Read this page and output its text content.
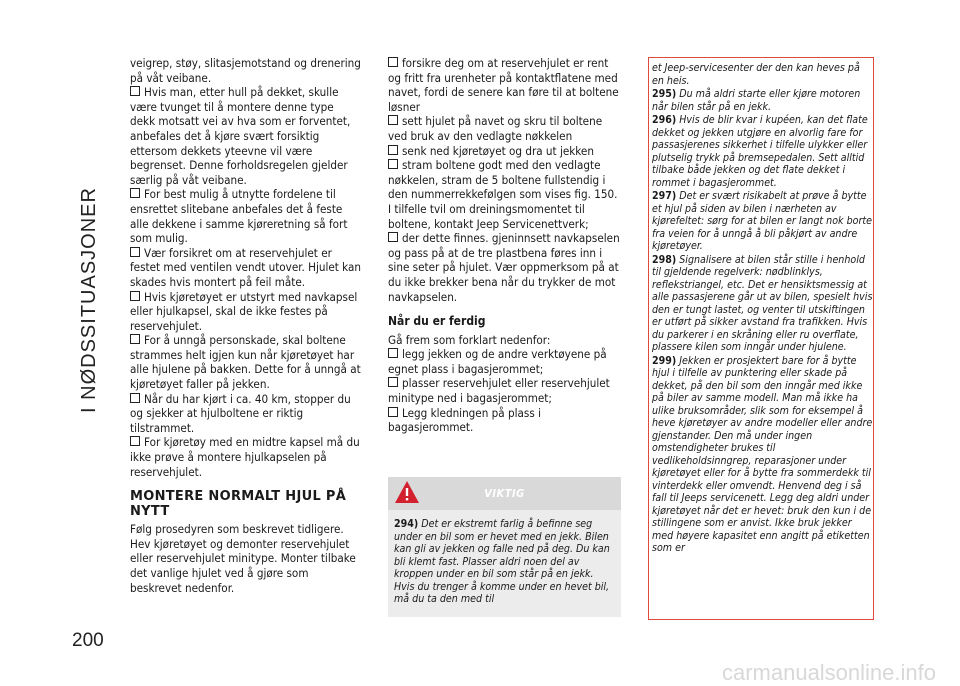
I NØDSSITUASJONER

veigrep, støy, slitasjemotstand og drenering på våt veibane.

Hvis man, etter hull på dekket, skulle være tvunget til å montere denne type dekk motsatt vei av hva som er forventet, anbefales det å kjøre svært forsiktig ettersom dekkets yteevne vil være begrenset. Denne forholdsregelen gjelder særlig på våt veibane.

For best mulig å utnytte fordelene til ensrettet slitebane anbefales det å feste alle dekkene i samme kjøreretning så fort som mulig.

Vær forsikret om at reservehjulet er festet med ventilen vendt utover. Hjulet kan skades hvis montert på feil måte.

Hvis kjøretøyet er utstyrt med navkapsel eller hjulkapsel, skal de ikke festes på reservehjulet.

For å unngå personskade, skal boltene strammes helt igjen kun når kjøretøyet har alle hjulene på bakken. Dette for å unngå at kjøretøyet faller på jekken.

Når du har kjørt i ca. 40 km, stopper du og sjekker at hjulboltene er riktig tilstrammet.

For kjøretøy med en midtre kapsel må du ikke prøve å montere hjulkapselen på reservehjulet.

MONTERE NORMALT HJUL PÅ NYTT

Følg prosedyren som beskrevet tidligere. Hev kjøretøyet og demonter reservehjulet eller reservehjulet minitype. Monter tilbake det vanlige hjulet ved å gjøre som beskrevet nedenfor.

forsikre deg om at reservehjulet er rent og fritt fra urenheter på kontaktflatene med navet, fordi de senere kan føre til at boltene løsner

sett hjulet på navet og skru til boltene ved bruk av den vedlagte nøkkelen

senk ned kjøretøyet og dra ut jekken

stram boltene godt med den vedlagte nøkkelen, stram de 5 boltene fullstendig i den nummerrekkefølgen som vises fig. 150. I tilfelle tvil om dreiningsmomentet til boltene, kontakt Jeep Servicenettverk;

der dette finnes. gjeninnsett navkapselen og pass på at de tre plastbena føres inn i sine seter på hjulet. Vær oppmerksom på at du ikke brekker bena når du trykker de mot navkapselen.

Når du er ferdig

Gå frem som forklart nedenfor:

legg jekken og de andre verktøyene på egnet plass i bagasjerommet;

plasser reservehjulet eller reservehjulet minitype ned i bagasjerommet;

Legg kledningen på plass i bagasjerommet.

VIKTIG
294) Det er ekstremt farlig å befinne seg under en bil som er hevet med en jekk. Bilen kan gli av jekken og falle ned på deg. Du kan bli klemt fast. Plasser aldri noen del av kroppen under en bil som står på en jekk. Hvis du trenger å komme under en hevet bil, må du ta den med til

et Jeep-servicesenter der den kan heves på en heis.

295) Du må aldri starte eller kjøre motoren når bilen står på en jekk.

296) Hvis de blir kvar i kupéen, kan det flate dekket og jekken utgjøre en alvorlig fare for passasjerenes sikkerhet i tilfelle ulykker eller plutselig trykk på bremsepedalen. Sett alltid tilbake både jekken og det flate dekket i rommet i bagasjerommet.

297) Det er svært risikabelt at prøve å bytte et hjul på siden av bilen i nærheten av kjørefeltet: sørg for at bilen er langt nok borte fra veien for å unngå å bli påkjørt av andre kjøretøyer.

298) Signalisere at bilen står stille i henhold til gjeldende regelverk: nødblinklys, reflekstriangel, etc. Det er hensiktsmessig at alle passasjerene går ut av bilen, spesielt hvis den er tungt lastet, og venter til utskiftingen er utført på sikker avstand fra trafikken. Hvis du parkerer i en skråning eller ru overflate, plassere kilen som inngår under hjulene.

299) Jekken er prosjektert bare for å bytte hjul i tilfelle av punktering eller skade på dekket, på den bil som den inngår med ikke på biler av samme modell. Man må ikke ha ulike bruksområder, slik som for eksempel å heve kjøretøyer av andre modeller eller andre gjenstander. Den må under ingen omstendigheter brukes til vedlikeholdsinngrep, reparasjoner under kjøretøyet eller for å bytte fra sommerdekk til vinterdekk eller omvendt. Henvend deg i så fall til Jeeps servicenett. Legg deg aldri under kjøretøyet når det er hevet: bruk den kun i de stillingene som er anvist. Ikke bruk jekker med høyere kapasitet enn angitt på etiketten som er

200
carmanualsonline.info
